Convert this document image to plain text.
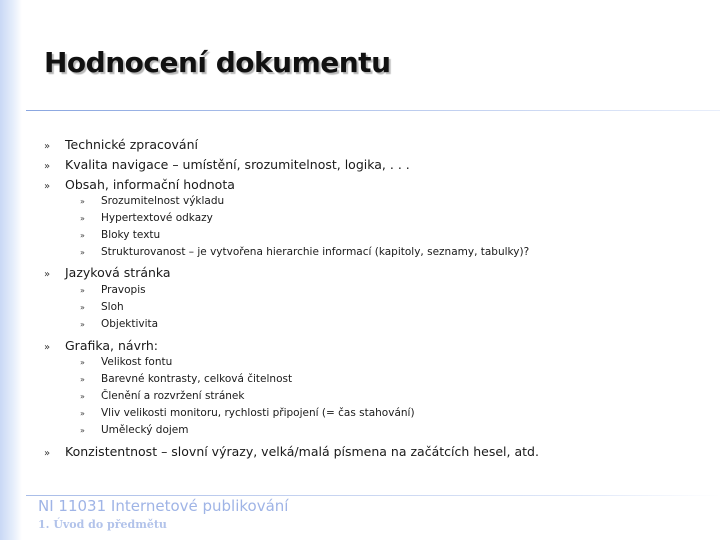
Hodnocení dokumentu
» Technické zpracování
» Kvalita navigace – umístění, srozumitelnost, logika, . . .
» Obsah, informační hodnota
» Srozumitelnost výkladu
» Hypertextové odkazy
» Bloky textu
» Strukturovanost – je vytvořena hierarchie informací (kapitoly, seznamy, tabulky)?
» Jazyková stránka
» Pravopis
» Sloh
» Objektivita
» Grafika, návrh:
» Velikost fontu
» Barevné kontrasty, celková čitelnost
» Členění a rozvržení stránek
» Vliv velikosti monitoru, rychlosti připojení (= čas stahování)
» Umělecký dojem
» Konzistentnost – slovní výrazy, velká/malá písmena na začátcích hesel, atd.
NI 11031 Internetové publikování
1. Úvod do předmětu
